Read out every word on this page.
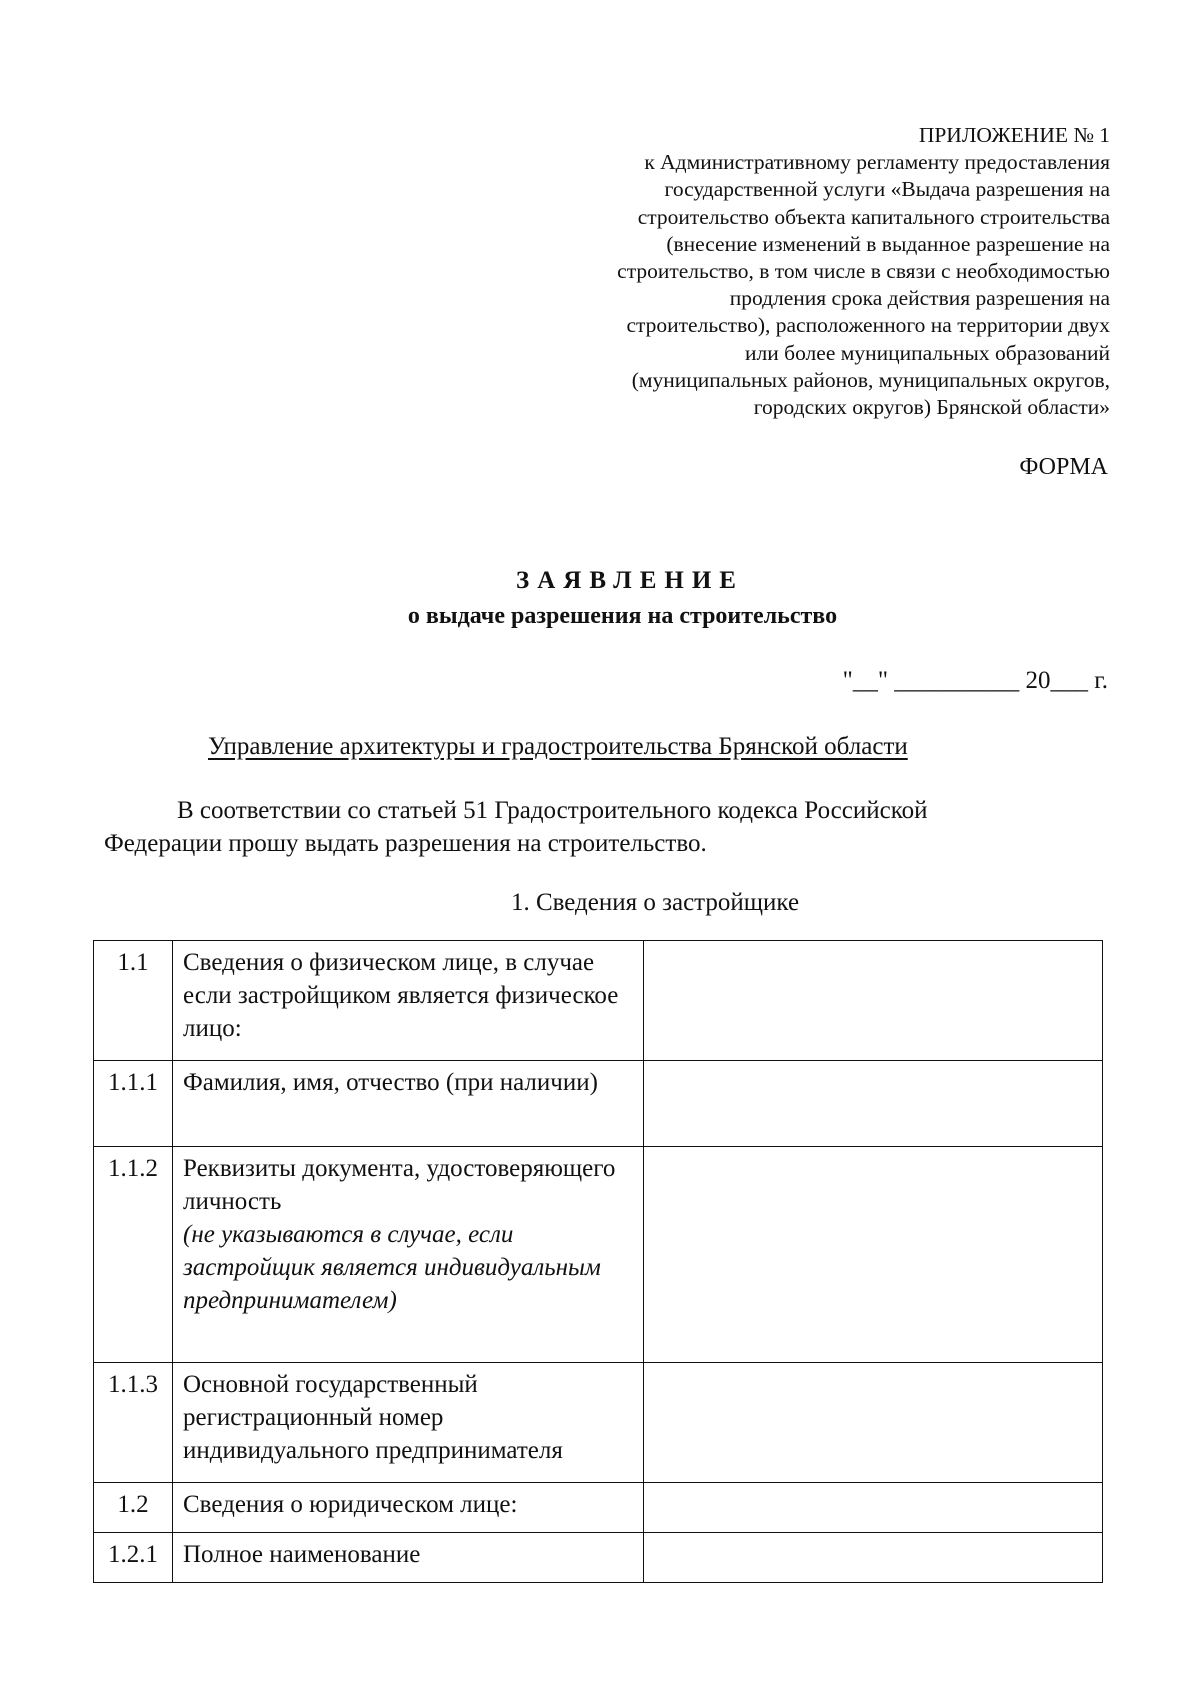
ПРИЛОЖЕНИЕ № 1
к Административному регламенту предоставления
государственной услуги «Выдача разрешения на
строительство объекта капитального строительства
(внесение изменений в выданное разрешение на
строительство, в том числе в связи с необходимостью
продления срока действия разрешения на
строительство), расположенного на территории двух
или более муниципальных образований
(муниципальных районов, муниципальных округов,
городских округов) Брянской области»
ФОРМА
ЗАЯВЛЕНИЕ
о выдаче разрешения на строительство
"__" __________ 20___ г.
Управление архитектуры и градостроительства Брянской области
В соответствии со статьей 51 Градостроительного кодекса Российской
Федерации прошу выдать разрешения на строительство.
1. Сведения о застройщике
1.1	Сведения о физическом лице, в случае если застройщиком является физическое лицо:	
1.1.1	Фамилия, имя, отчество (при наличии)	
1.1.2	Реквизиты документа, удостоверяющего личность
(не указываются в случае, если застройщик является индивидуальным предпринимателем)	
1.1.3	Основной государственный регистрационный номер индивидуального предпринимателя	
1.2	Сведения о юридическом лице:	
1.2.1	Полное наименование	
